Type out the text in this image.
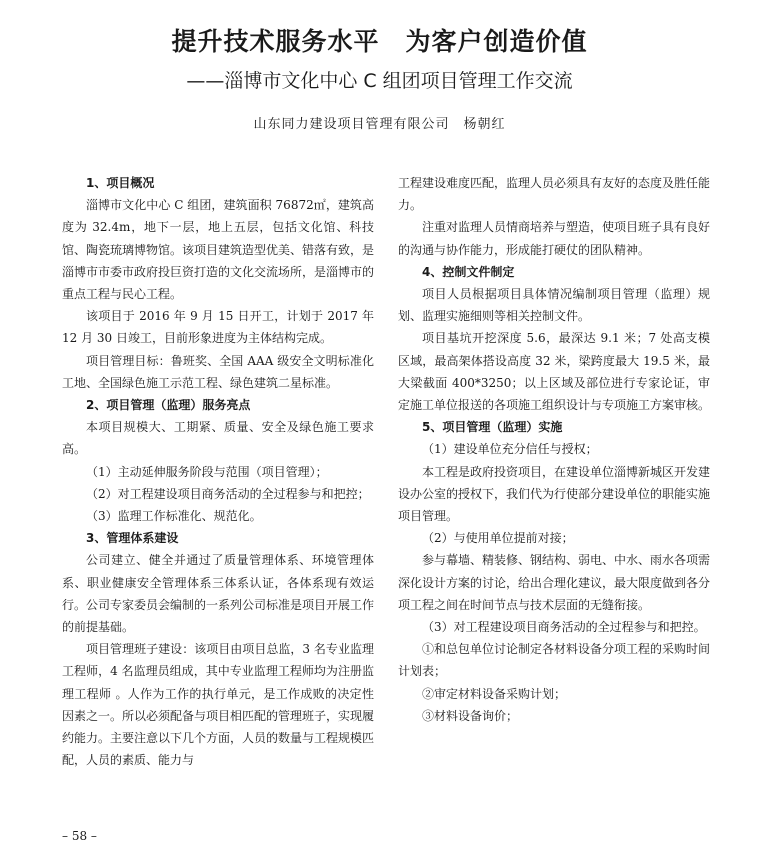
提升技术服务水平　为客户创造价值
——淄博市文化中心 C 组团项目管理工作交流
山东同力建设项目管理有限公司　杨朝红
1、项目概况

淄博市文化中心 C 组团，建筑面积 76872㎡，建筑高度为 32.4m，地下一层，地上五层，包括文化馆、科技馆、陶瓷琉璃博物馆。该项目建筑造型优美、错落有致，是淄博市市委市政府投巨资打造的文化交流场所，是淄博市的重点工程与民心工程。

该项目于 2016 年 9 月 15 日开工，计划于 2017 年 12 月 30 日竣工，目前形象进度为主体结构完成。

项目管理目标：鲁班奖、全国 AAA 级安全文明标准化工地、全国绿色施工示范工程、绿色建筑二星标准。

2、项目管理（监理）服务亮点

本项目规模大、工期紧、质量、安全及绿色施工要求高。

（1）主动延伸服务阶段与范围（项目管理）；

（2）对工程建设项目商务活动的全过程参与和把控；

（3）监理工作标准化、规范化。

3、管理体系建设

公司建立、健全并通过了质量管理体系、环境管理体系、职业健康安全管理体系三体系认证，各体系现有效运行。公司专家委员会编制的一系列公司标准是项目开展工作的前提基础。

项目管理班子建设：该项目由项目总监，3 名专业监理工程师，4 名监理员组成，其中专业监理工程师均为注册监理工程师 。人作为工作的执行单元，是工作成败的决定性因素之一。所以必须配备与项目相匹配的管理班子，实现履约能力。主要注意以下几个方面，人员的数量与工程规模匹配，人员的素质、能力与

工程建设难度匹配，监理人员必须具有友好的态度及胜任能力。

注重对监理人员情商培养与塑造，使项目班子具有良好的沟通与协作能力，形成能打硬仗的团队精神。

4、控制文件制定

项目人员根据项目具体情况编制项目管理（监理）规划、监理实施细则等相关控制文件。

项目基坑开挖深度 5.6，最深达 9.1 米；7 处高支模区域，最高架体搭设高度 32 米，梁跨度最大 19.5 米，最大梁截面 400*3250；以上区域及部位进行专家论证，审定施工单位报送的各项施工组织设计与专项施工方案审核。

5、项目管理（监理）实施

（1）建设单位充分信任与授权；

本工程是政府投资项目，在建设单位淄博新城区开发建设办公室的授权下，我们代为行使部分建设单位的职能实施项目管理。

（2）与使用单位提前对接；

参与幕墙、精装修、钢结构、弱电、中水、雨水各项需深化设计方案的讨论，给出合理化建议，最大限度做到各分项工程之间在时间节点与技术层面的无缝衔接。

（3）对工程建设项目商务活动的全过程参与和把控。

①和总包单位讨论制定各材料设备分项工程的采购时间计划表；

②审定材料设备采购计划；

③材料设备询价；

– 58 –
